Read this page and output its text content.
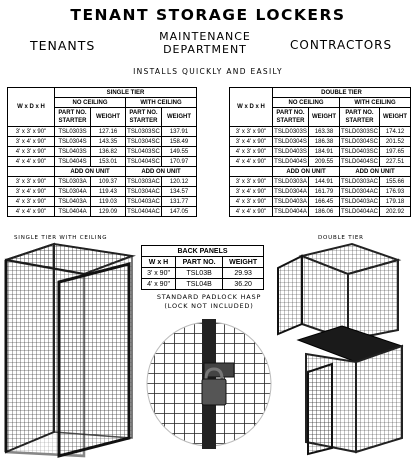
TENANT STORAGE LOCKERS
TENANTS
MAINTENANCE
DEPARTMENT	CONTRACTORS
INSTALLS QUICKLY AND EASILY
W x D x H	SINGLE TIER			
	NO CEILING		WITH CEILING	
	PART NO. STARTER	WEIGHT	PART NO. STARTER	WEIGHT
3' x 3' x 90"	TSL0303S	127.16	TSL0303SC	137.91
3' x 4' x 90"	TSL0304S	143.35	TSL0304SC	158.49
4' x 3' x 90"	TSL0403S	136.82	TSL0403SC	149.55
4' x 4' x 90"	TSL0404S	153.01	TSL0404SC	170.97
	ADD ON UNIT		ADD ON UNIT	
3' x 3' x 90"	TSL0303A	109.37	TSL0303AC	120.12
3' x 4' x 90"	TSL0304A	119.43	TSL0304AC	134.57
4' x 3' x 90"	TSL0403A	119.03	TSL0403AC	131.77
4' x 4' x 90"	TSL0404A	129.09	TSL0404AC	147.05
W x D x H	DOUBLE TIER			
	NO CEILING		WITH CEILING	
	PART NO. STARTER	WEIGHT	PART NO. STARTER	WEIGHT
3' x 3' x 90"	TSLD0303S	163.38	TSLD0303SC	174.12
3' x 4' x 90"	TSLD0304S	186.38	TSLD0304SC	201.52
4' x 3' x 90"	TSLD0403S	184.91	TSLD0403SC	197.65
4' x 4' x 90"	TSLD0404S	209.55	TSLD0404SC	227.51
	ADD ON UNIT		ADD ON UNIT	
3' x 3' x 90"	TSLD0303A	144.91	TSLD0303AC	155.66
3' x 4' x 90"	TSLD0304A	161.79	TSLD0304AC	176.93
4' x 3' x 90"	TSLD0403A	166.45	TSLD0403AC	179.18
4' x 4' x 90"	TSLD0404A	186.06	TSLD0404AC	202.92
BACK PANELS		
W x H	PART NO.	WEIGHT
3' x 90"	TSL03B	29.93
4' x 90"	TSL04B	36.20
SINGLE TIER WITH CEILING	DOUBLE TIER
STANDARD PADLOCK HASP
(LOCK NOT INCLUDED)
